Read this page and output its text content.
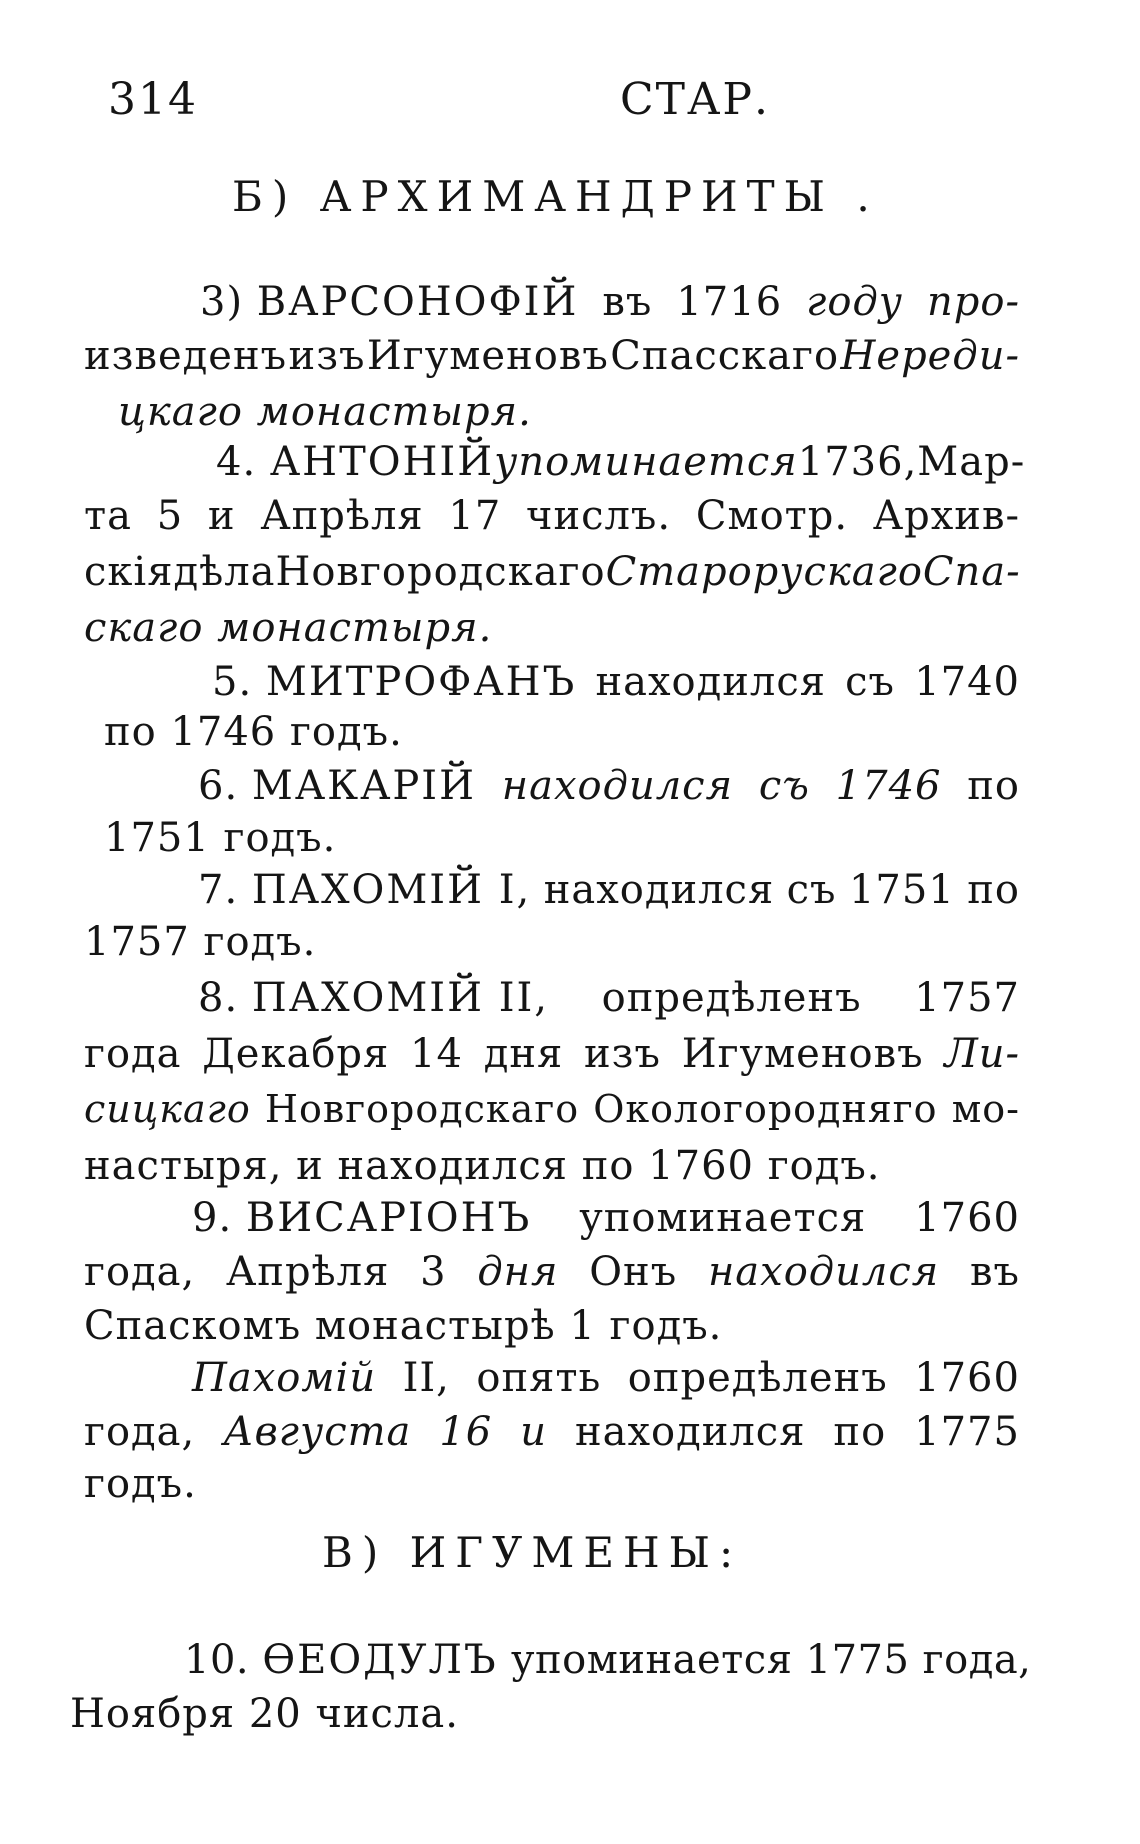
314	СТАР.
Б) АРХИМАНДРИТЫ .
3) ВАРСОНОФІЙ въ 1716 году про-
изведенъ изъ Игуменовъ Спасскаго Нереди-
цкаго монастыря.
4. АНТОНІЙ упоминается 1736, Мар-
та 5 и Апрѣля 17 числъ. Смотр. Архив-
скія дѣла Новгородскаго Старорускаго Спа-
скаго монастыря.
5. МИТРОФАНЪ находился съ 1740
по 1746 годъ.
6. МАКАРІЙ находился съ 1746 по
1751 годъ.
7. ПАХОМІЙ I, находился съ 1751 по
1757 годъ.
8. ПАХОМІЙ II, опредѣленъ 1757
года Декабря 14 дня изъ Игуменовъ Ли-
сицкаго Новгородскаго Окологородняго мо-
настыря, и находился по 1760 годъ.
9. ВИСАРІОНЪ упоминается 1760
года, Апрѣля 3 дня Онъ находился въ
Спаскомъ монастырѣ 1 годъ.
Пахомій II, опять опредѣленъ 1760
года, Августа 16 и находился по 1775
годъ.
В) ИГУМЕНЫ:
10. ѲЕОДУЛЪ упоминается 1775 года,
Ноября 20 числа.
